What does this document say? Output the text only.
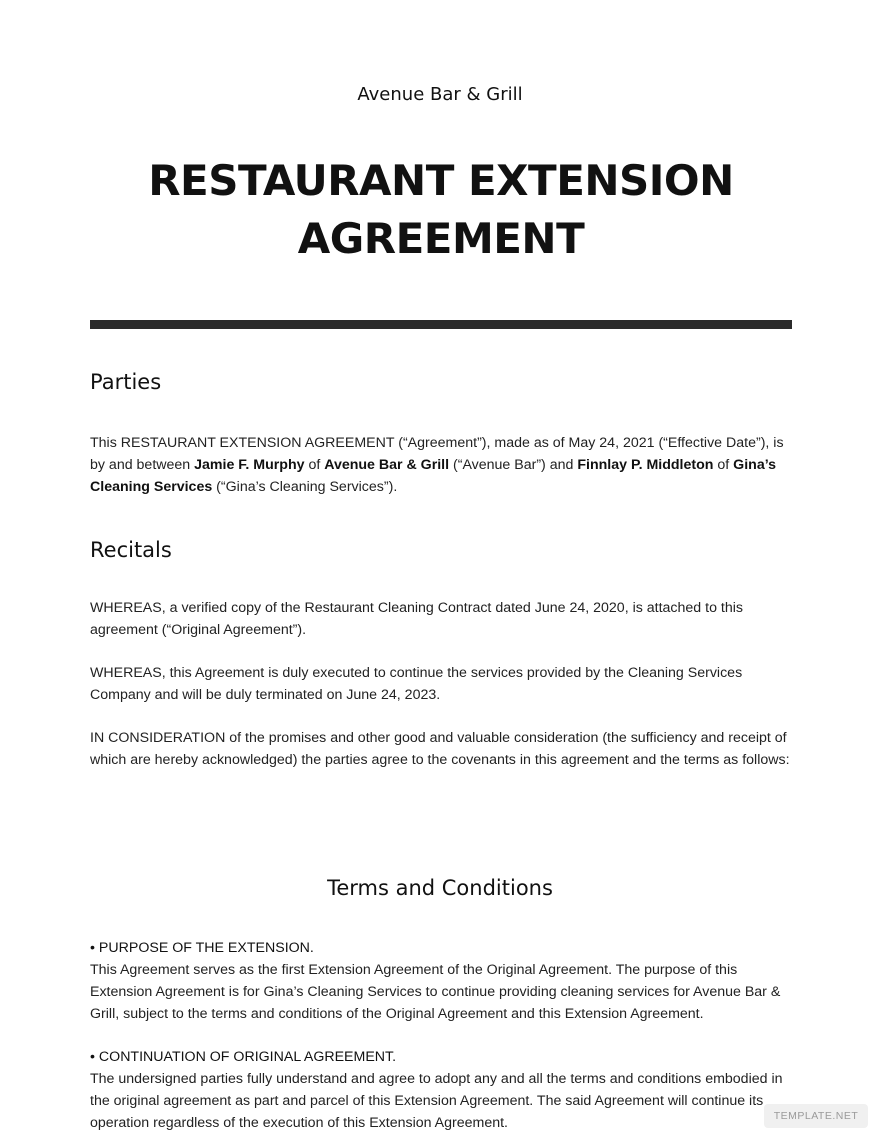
Avenue Bar & Grill
RESTAURANT EXTENSION
AGREEMENT
Parties

This RESTAURANT EXTENSION AGREEMENT (“Agreement”), made as of May 24, 2021 (“Effective Date”), is by and between Jamie F. Murphy of Avenue Bar & Grill (“Avenue Bar”) and Finnlay P. Middleton of Gina’s Cleaning Services (“Gina’s Cleaning Services”).

Recitals

WHEREAS, a verified copy of the Restaurant Cleaning Contract dated June 24, 2020, is attached to this agreement (“Original Agreement”).

WHEREAS, this Agreement is duly executed to continue the services provided by the Cleaning Services Company and will be duly terminated on June 24, 2023.

IN CONSIDERATION of the promises and other good and valuable consideration (the sufficiency and receipt of which are hereby acknowledged) the parties agree to the covenants in this agreement and the terms as follows:

Terms and Conditions
• PURPOSE OF THE EXTENSION.
This Agreement serves as the first Extension Agreement of the Original Agreement. The purpose of this Extension Agreement is for Gina’s Cleaning Services to continue providing cleaning services for Avenue Bar & Grill, subject to the terms and conditions of the Original Agreement and this Extension Agreement.
• CONTINUATION OF ORIGINAL AGREEMENT.
The undersigned parties fully understand and agree to adopt any and all the terms and conditions embodied in the original agreement as part and parcel of this Extension Agreement. The said Agreement will continue its operation regardless of the execution of this Extension Agreement.	TEMPLATE.NET
